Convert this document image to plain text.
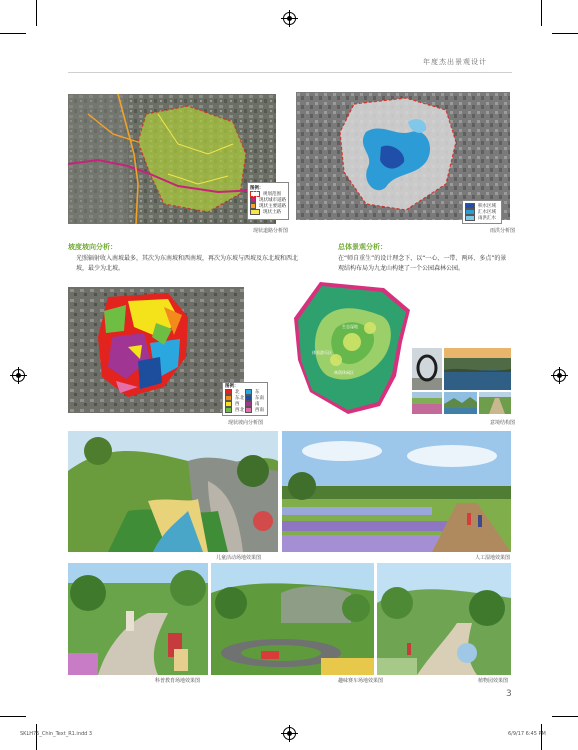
年度杰出景观设计
图例：
规划范围
现状城市道路
现状主要道路
现状土路
现状道路分析图
积水区域
汇水区域
雨洪汇水
雨洪分析图
坡度坡向分析：
光照辐射收入南坡最多，其次为东南坡和西南坡，再次为东坡与西坡及东北坡和西北坡，最少为北坡。
总体景观分析：
在“师自重生”的设计理念下，以“一心、一带、两环、多点”的景观结构布局为九龙山构建了一个公园森林公园。
图例：
北
东北
西
西北
东
东南
南
西南
现状坡向分析图
生态湿地
体验游乐区
林荫休闲区
意境结构图
儿童活动场地效果图	人工湿地效果图
科普教育场地效果图	趣味赛车场地效果图	植物园效果图
3
SKLH75_Chin_Text_R1.indd 3	6/9/17 6:45 PM
